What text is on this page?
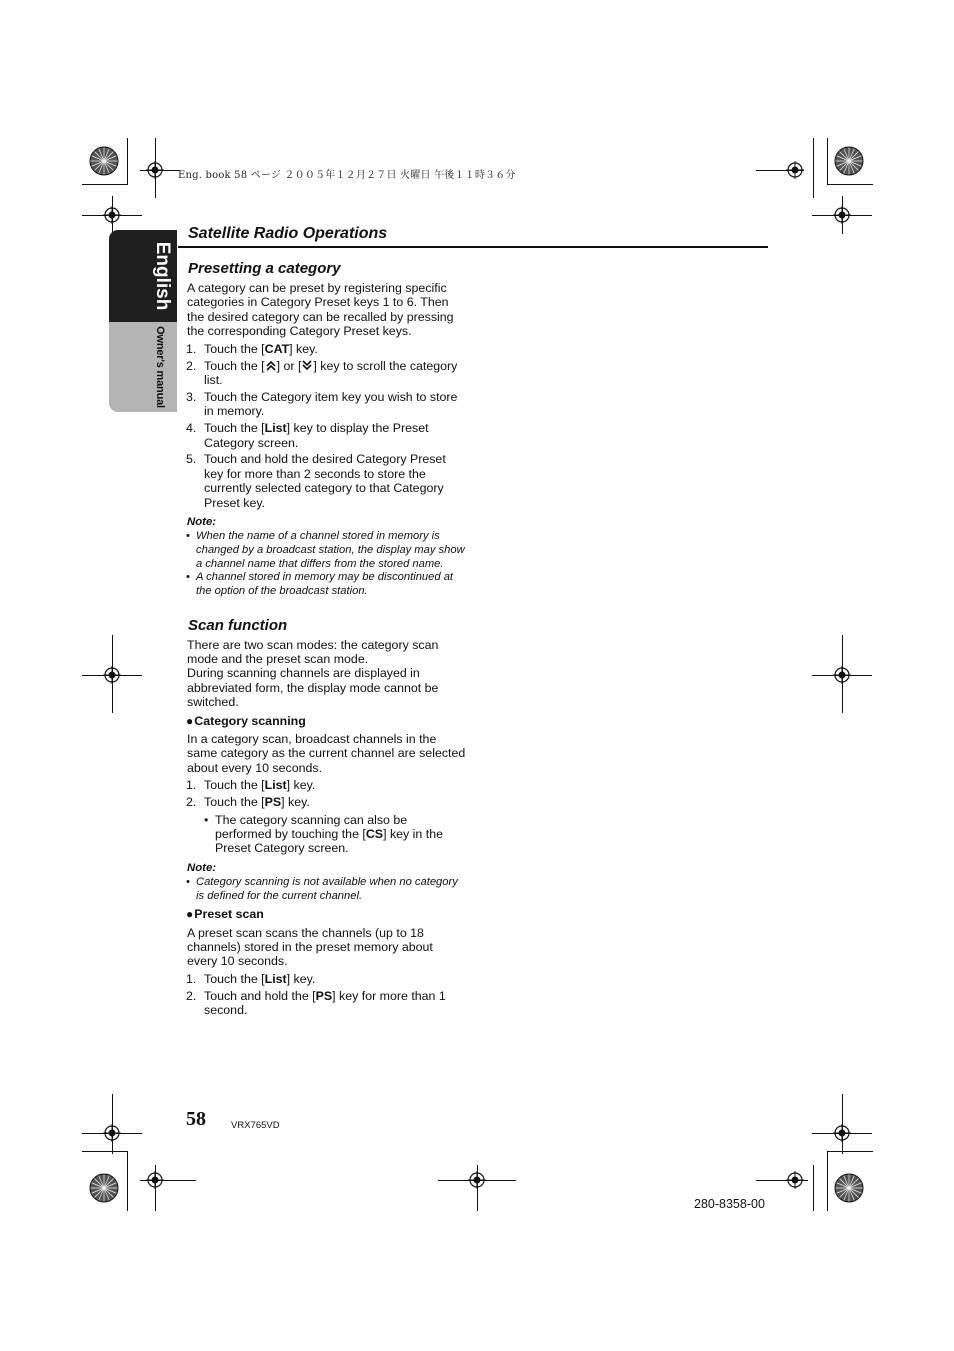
Eng. book 58 ページ ２００５年１２月２７日 火曜日 午後１１時３６分
English
Owner's manual
Satellite Radio Operations
Presetting a category

A category can be preset by registering specific categories in Category Preset keys 1 to 6. Then the desired category can be recalled by pressing the corresponding Category Preset keys.

1. Touch the [CAT] key.
2. Touch the [ ] or [ ] key to scroll the category list.
3. Touch the Category item key you wish to store in memory.
4. Touch the [List] key to display the Preset Category screen.
5. Touch and hold the desired Category Preset key for more than 2 seconds to store the currently selected category to that Category Preset key.
Note:
• When the name of a channel stored in memory is changed by a broadcast station, the display may show a channel name that differs from the stored name.
• A channel stored in memory may be discontinued at the option of the broadcast station.
Scan function

There are two scan modes: the category scan mode and the preset scan mode.

During scanning channels are displayed in abbreviated form, the display mode cannot be switched.

●Category scanning

In a category scan, broadcast channels in the same category as the current channel are selected about every 10 seconds.

1. Touch the [List] key.
2. Touch the [PS] key.
• The category scanning can also be performed by touching the [CS] key in the Preset Category screen.
Note:
• Category scanning is not available when no category is defined for the current channel.
●Preset scan

A preset scan scans the channels (up to 18 channels) stored in the preset memory about every 10 seconds.

1. Touch the [List] key.
2. Touch and hold the [PS] key for more than 1 second.
58	VRX765VD
280-8358-00
